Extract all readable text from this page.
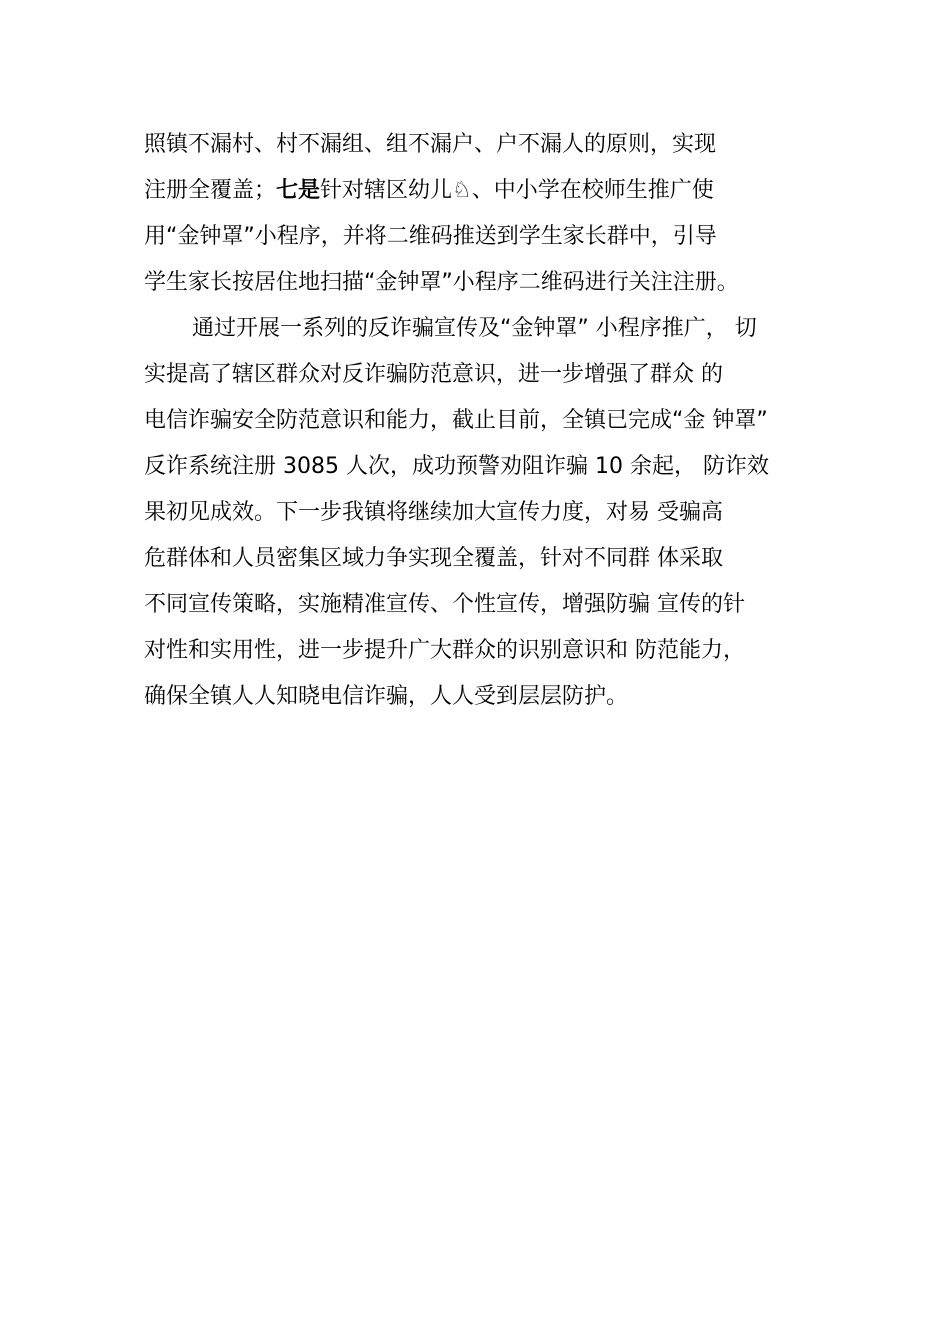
照镇不漏村、村不漏组、组不漏户、户不漏人的原则，实现
注册全覆盖；七是针对辖区幼儿♘、中小学在校师生推广使
用“金钟罩”小程序，并将二维码推送到学生家长群中，引导
学生家长按居住地扫描“金钟罩”小程序二维码进行关注注册。
通过开展一系列的反诈骗宣传及“金钟罩” 小程序推广， 切
实提高了辖区群众对反诈骗防范意识，进一步增强了群众 的
电信诈骗安全防范意识和能力，截止目前，全镇已完成“金 钟罩”
反诈系统注册 3085 人次，成功预警劝阻诈骗 10 余起， 防诈效
果初见成效。下一步我镇将继续加大宣传力度，对易 受骗高
危群体和人员密集区域力争实现全覆盖，针对不同群 体采取
不同宣传策略，实施精准宣传、个性宣传，增强防骗 宣传的针
对性和实用性，进一步提升广大群众的识别意识和 防范能力，
确保全镇人人知晓电信诈骗，人人受到层层防护。
